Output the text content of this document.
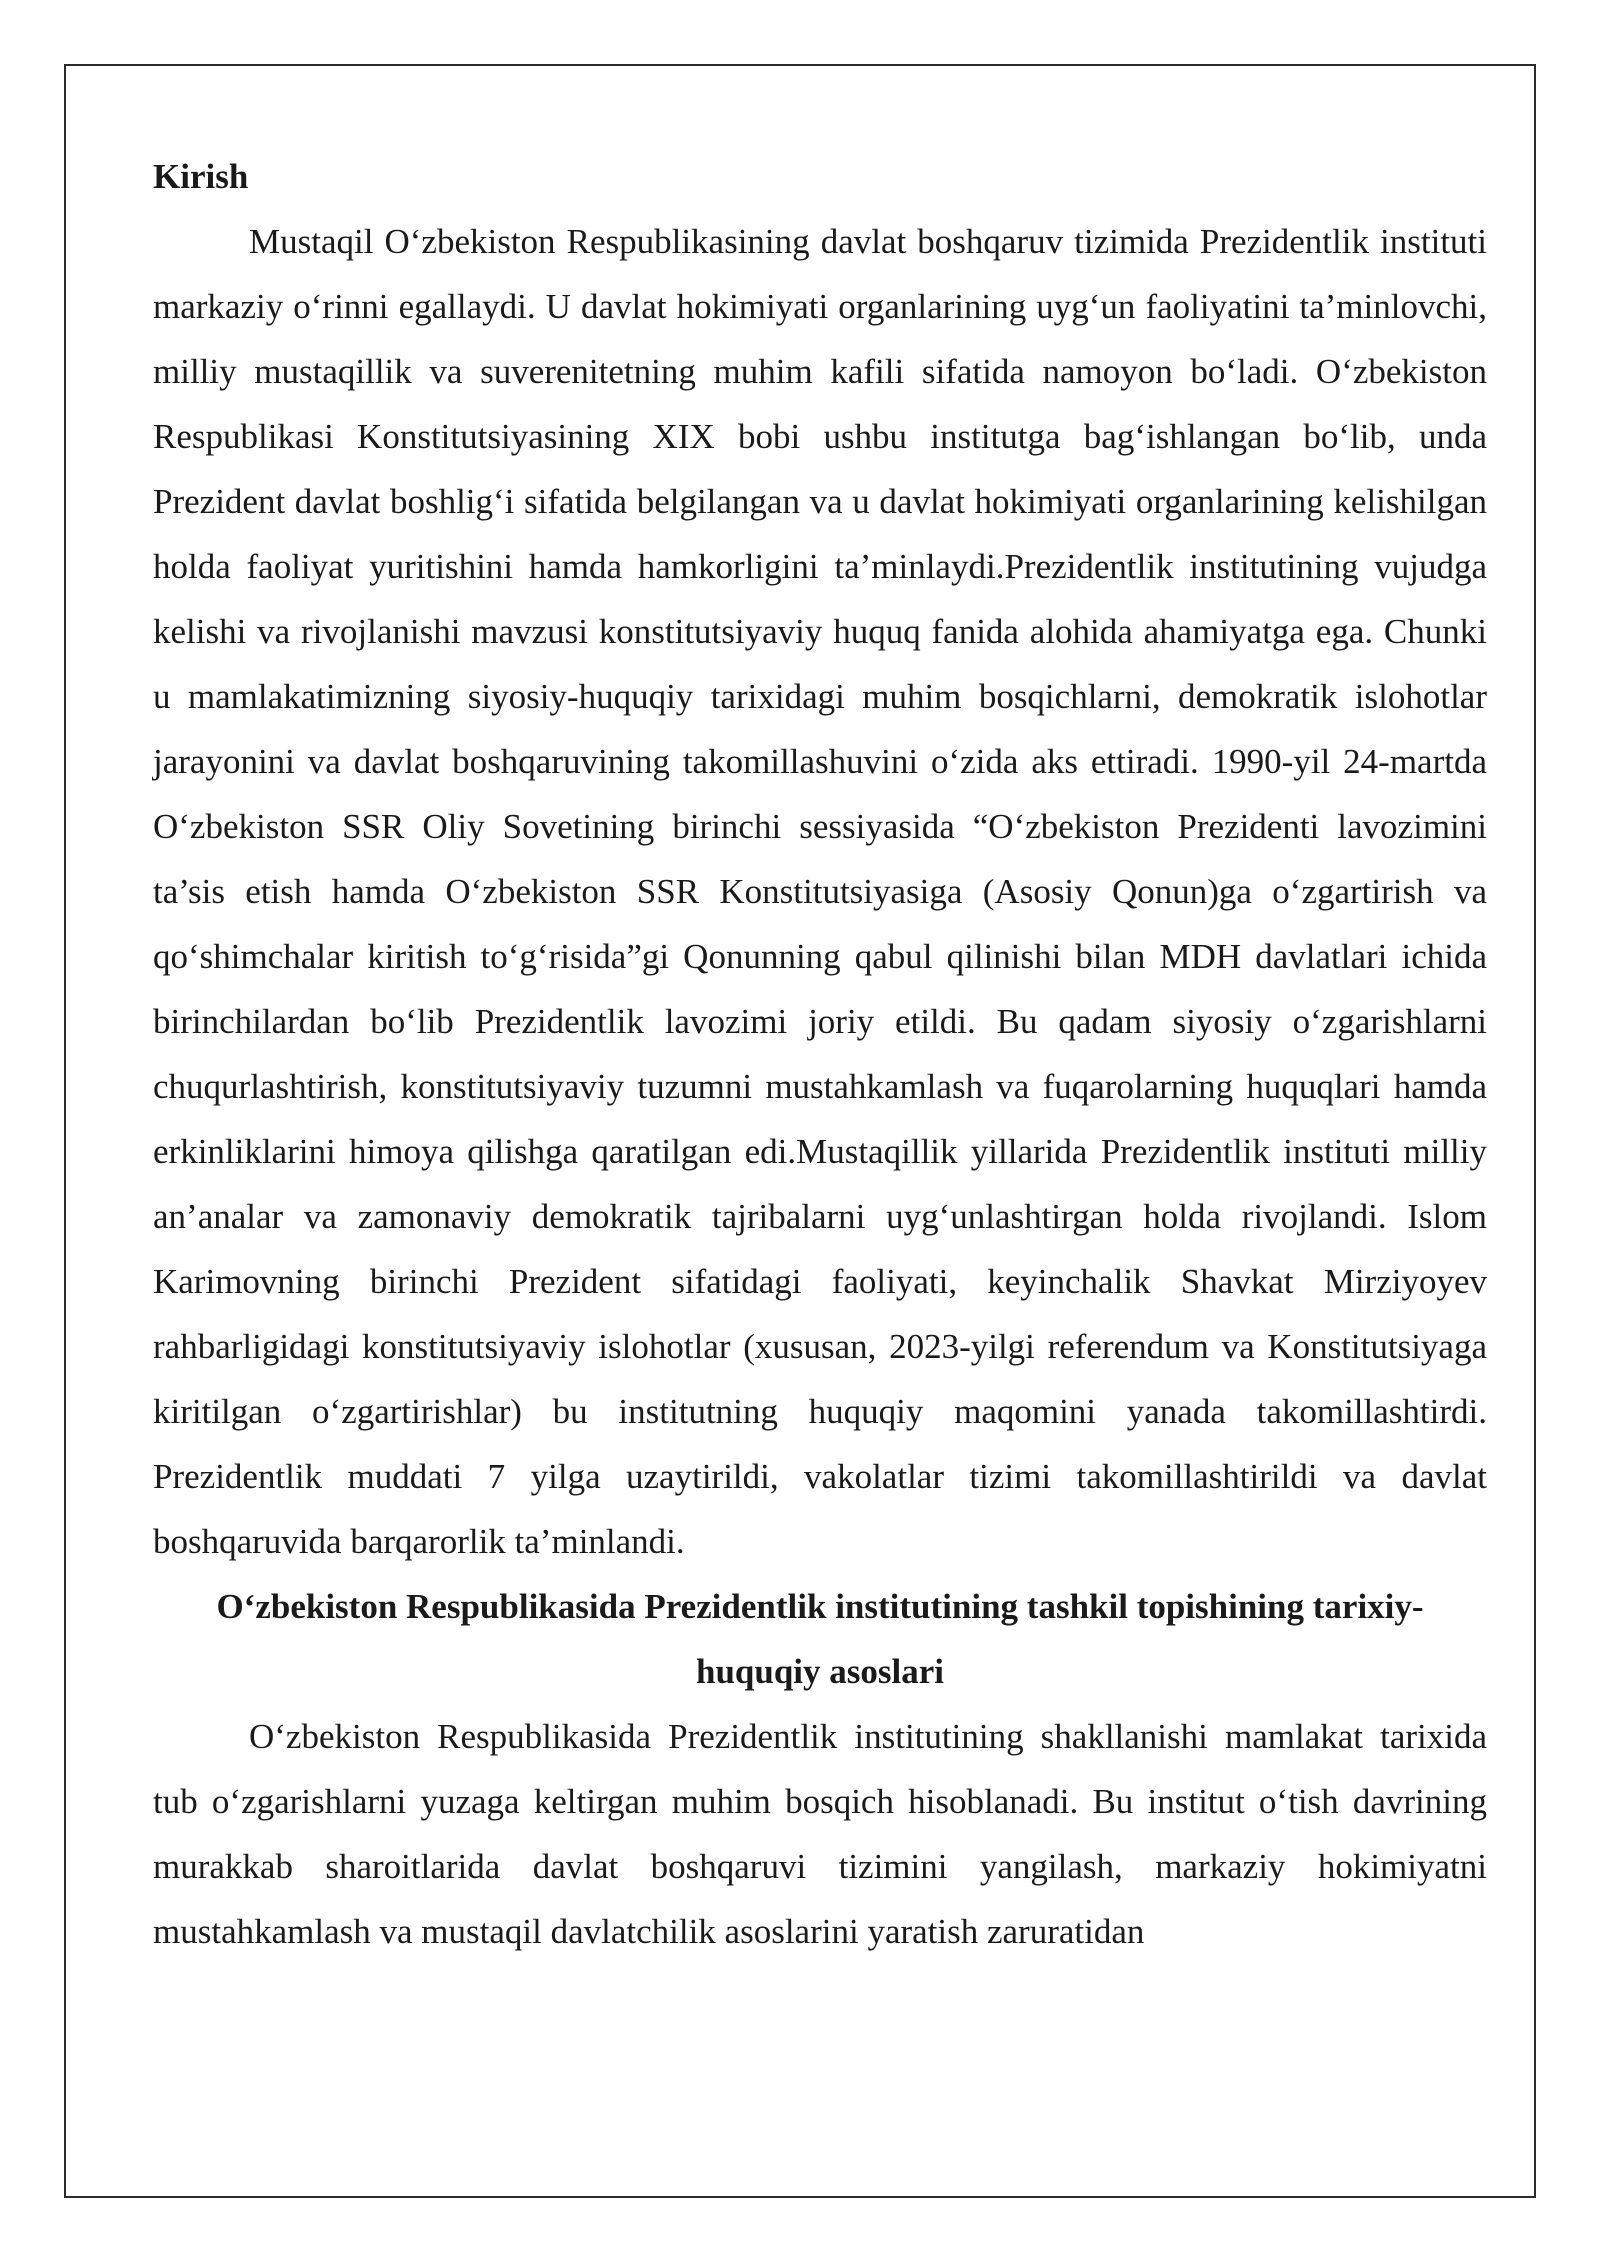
Kirish

Mustaqil O‘zbekiston Respublikasining davlat boshqaruv tizimida Prezidentlik instituti markaziy o‘rinni egallaydi. U davlat hokimiyati organlarining uyg‘un faoliyatini ta’minlovchi, milliy mustaqillik va suverenitetning muhim kafili sifatida namoyon bo‘ladi. O‘zbekiston Respublikasi Konstitutsiyasining XIX bobi ushbu institutga bag‘ishlangan bo‘lib, unda Prezident davlat boshlig‘i sifatida belgilangan va u davlat hokimiyati organlarining kelishilgan holda faoliyat yuritishini hamda hamkorligini ta’minlaydi.Prezidentlik institutining vujudga kelishi va rivojlanishi mavzusi konstitutsiyaviy huquq fanida alohida ahamiyatga ega. Chunki u mamlakatimizning siyosiy-huquqiy tarixidagi muhim bosqichlarni, demokratik islohotlar jarayonini va davlat boshqaruvining takomillashuvini o‘zida aks ettiradi. 1990-yil 24-martda O‘zbekiston SSR Oliy Sovetining birinchi sessiyasida “O‘zbekiston Prezidenti lavozimini ta’sis etish hamda O‘zbekiston SSR Konstitutsiyasiga (Asosiy Qonun)ga o‘zgartirish va qo‘shimchalar kiritish to‘g‘risida”gi Qonunning qabul qilinishi bilan MDH davlatlari ichida birinchilardan bo‘lib Prezidentlik lavozimi joriy etildi. Bu qadam siyosiy o‘zgarishlarni chuqurlashtirish, konstitutsiyaviy tuzumni mustahkamlash va fuqarolarning huquqlari hamda erkinliklarini himoya qilishga qaratilgan edi.Mustaqillik yillarida Prezidentlik instituti milliy an’analar va zamonaviy demokratik tajribalarni uyg‘unlashtirgan holda rivojlandi. Islom Karimovning birinchi Prezident sifatidagi faoliyati, keyinchalik Shavkat Mirziyoyev rahbarligidagi konstitutsiyaviy islohotlar (xususan, 2023-yilgi referendum va Konstitutsiyaga kiritilgan o‘zgartirishlar) bu institutning huquqiy maqomini yanada takomillashtirdi. Prezidentlik muddati 7 yilga uzaytirildi, vakolatlar tizimi takomillashtirildi va davlat boshqaruvida barqarorlik ta’minlandi.

O‘zbekiston Respublikasida Prezidentlik institutining tashkil topishining tarixiy-huquqiy asoslari

O‘zbekiston Respublikasida Prezidentlik institutining shakllanishi mamlakat tarixida tub o‘zgarishlarni yuzaga keltirgan muhim bosqich hisoblanadi. Bu institut o‘tish davrining murakkab sharoitlarida davlat boshqaruvi tizimini yangilash, markaziy hokimiyatni mustahkamlash va mustaqil davlatchilik asoslarini yaratish zaruratidan
